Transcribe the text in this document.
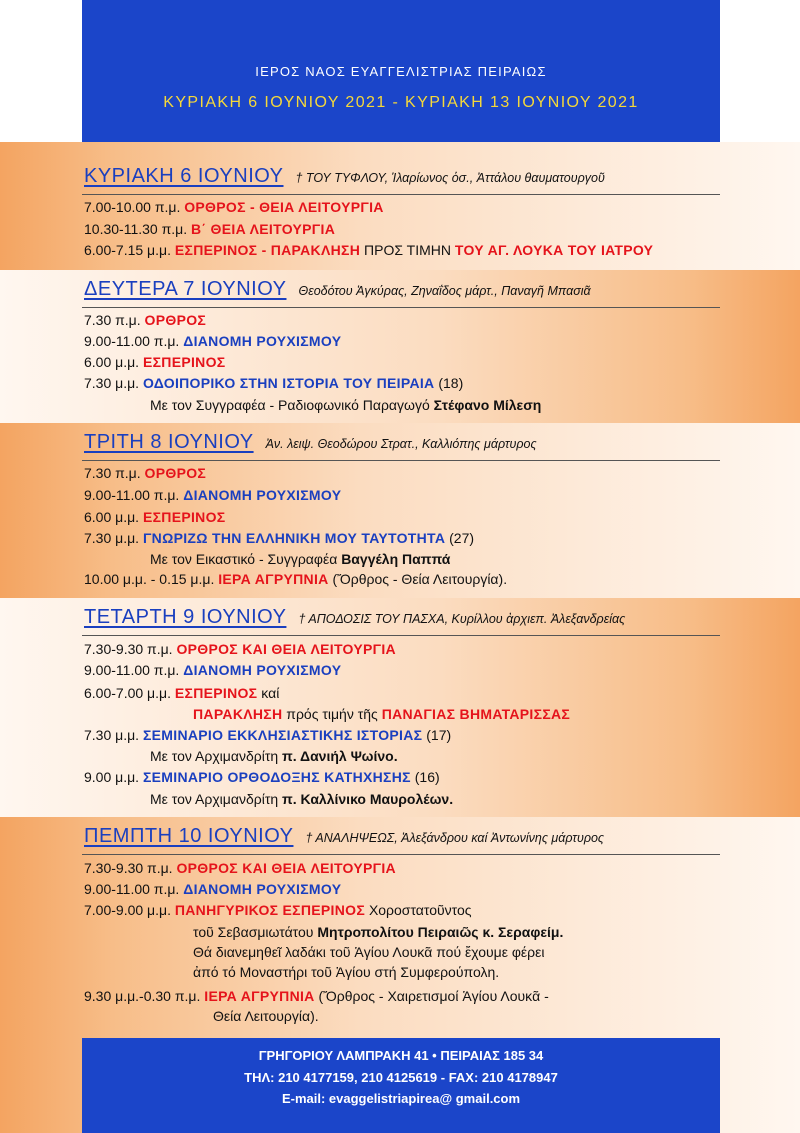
ΙΕΡΟΣ ΝΑΟΣ ΕΥΑΓΓΕΛΙΣΤΡΙΑΣ ΠΕΙΡΑΙΩΣ
ΚΥΡΙΑΚΗ 6 ΙΟΥΝΙΟΥ 2021 - ΚΥΡΙΑΚΗ 13 ΙΟΥΝΙΟΥ 2021
ΚΥΡΙΑΚΗ 6 ΙΟΥΝΙΟΥ † ΤΟΥ ΤΥΦΛΟΥ, Ἱλαρίωνος ὁσ., Ἀττάλου θαυματουργοῦ
7.00-10.00 π.μ. ΟΡΘΡΟΣ - ΘΕΙΑ ΛΕΙΤΟΥΡΓΙΑ
10.30-11.30 π.μ. Β΄ ΘΕΙΑ ΛΕΙΤΟΥΡΓΙΑ
6.00-7.15 μ.μ. ΕΣΠΕΡΙΝΟΣ - ΠΑΡΑΚΛΗΣΗ ΠΡΟΣ ΤΙΜΗΝ ΤΟΥ ΑΓ. ΛΟΥΚΑ ΤΟΥ ΙΑΤΡΟΥ
ΔΕΥΤΕΡΑ 7 ΙΟΥΝΙΟΥ Θεοδότου Ἀγκύρας, Ζηναΐδος μάρτ., Παναγῆ Μπασιᾶ
7.30 π.μ. ΟΡΘΡΟΣ
9.00-11.00 π.μ. ΔΙΑΝΟΜΗ ΡΟΥΧΙΣΜΟΥ
6.00 μ.μ. ΕΣΠΕΡΙΝΟΣ
7.30 μ.μ. ΟΔΟΙΠΟΡΙΚΟ ΣΤΗΝ ΙΣΤΟΡΙΑ ΤΟΥ ΠΕΙΡΑΙΑ (18)
Με τον Συγγραφέα - Ραδιοφωνικό Παραγωγό Στέφανο Μίλεση
ΤΡΙΤΗ 8 ΙΟΥΝΙΟΥ Ἀν. λειψ. Θεοδώρου Στρατ., Καλλιόπης μάρτυρος
7.30 π.μ. ΟΡΘΡΟΣ
9.00-11.00 π.μ. ΔΙΑΝΟΜΗ ΡΟΥΧΙΣΜΟΥ
6.00 μ.μ. ΕΣΠΕΡΙΝΟΣ
7.30 μ.μ. ΓΝΩΡΙΖΩ ΤΗΝ ΕΛΛΗΝΙΚΗ ΜΟΥ ΤΑΥΤΟΤΗΤΑ (27)
Με τον Εικαστικό - Συγγραφέα Βαγγέλη Παππά
10.00 μ.μ. - 0.15 μ.μ. ΙΕΡΑ ΑΓΡΥΠΝΙΑ (Ὄρθρος - Θεία Λειτουργία).
ΤΕΤΑΡΤΗ 9 ΙΟΥΝΙΟΥ † ΑΠΟΔΟΣΙΣ ΤΟΥ ΠΑΣΧΑ, Κυρίλλου ἀρχιεπ. Ἀλεξανδρείας
7.30-9.30 π.μ. ΟΡΘΡΟΣ ΚΑΙ ΘΕΙΑ ΛΕΙΤΟΥΡΓΙΑ
9.00-11.00 π.μ. ΔΙΑΝΟΜΗ ΡΟΥΧΙΣΜΟΥ
6.00-7.00 μ.μ. ΕΣΠΕΡΙΝΟΣ καί
ΠΑΡΑΚΛΗΣΗ πρός τιμήν τῆς ΠΑΝΑΓΙΑΣ ΒΗΜΑΤΑΡΙΣΣΑΣ
7.30 μ.μ. ΣΕΜΙΝΑΡΙΟ ΕΚΚΛΗΣΙΑΣΤΙΚΗΣ ΙΣΤΟΡΙΑΣ (17)
Με τον Αρχιμανδρίτη π. Δανιήλ Ψωίνο.
9.00 μ.μ. ΣΕΜΙΝΑΡΙΟ ΟΡΘΟΔΟΞΗΣ ΚΑΤΗΧΗΣΗΣ (16)
Με τον Αρχιμανδρίτη π. Καλλίνικο Μαυρολέων.
ΠΕΜΠΤΗ 10 ΙΟΥΝΙΟΥ † ΑΝΑΛΗΨΕΩΣ, Ἀλεξάνδρου καί Ἀντωνίνης μάρτυρος
7.30-9.30 π.μ. ΟΡΘΡΟΣ ΚΑΙ ΘΕΙΑ ΛΕΙΤΟΥΡΓΙΑ
9.00-11.00 π.μ. ΔΙΑΝΟΜΗ ΡΟΥΧΙΣΜΟΥ
7.00-9.00 μ.μ. ΠΑΝΗΓΥΡΙΚΟΣ ΕΣΠΕΡΙΝΟΣ Χοροστατοῦντος
τοῦ Σεβασμιωτάτου Μητροπολίτου Πειραιῶς κ. Σεραφείμ.
Θά διανεμηθεῖ λαδάκι τοῦ Ἁγίου Λουκᾶ πού ἔχουμε φέρει
ἀπό τό Μοναστήρι τοῦ Ἁγίου στή Συμφερούπολη.
9.30 μ.μ.-0.30 π.μ. ΙΕΡΑ ΑΓΡΥΠΝΙΑ (Ὄρθρος - Χαιρετισμοί Ἁγίου Λουκᾶ -
Θεία Λειτουργία).
ΓΡΗΓΟΡΙΟΥ ΛΑΜΠΡΑΚΗ 41 • ΠΕΙΡΑΙΑΣ 185 34
ΤΗΛ: 210 4177159, 210 4125619 - FAX: 210 4178947
E-mail: evaggelistriapirea@ gmail.com
